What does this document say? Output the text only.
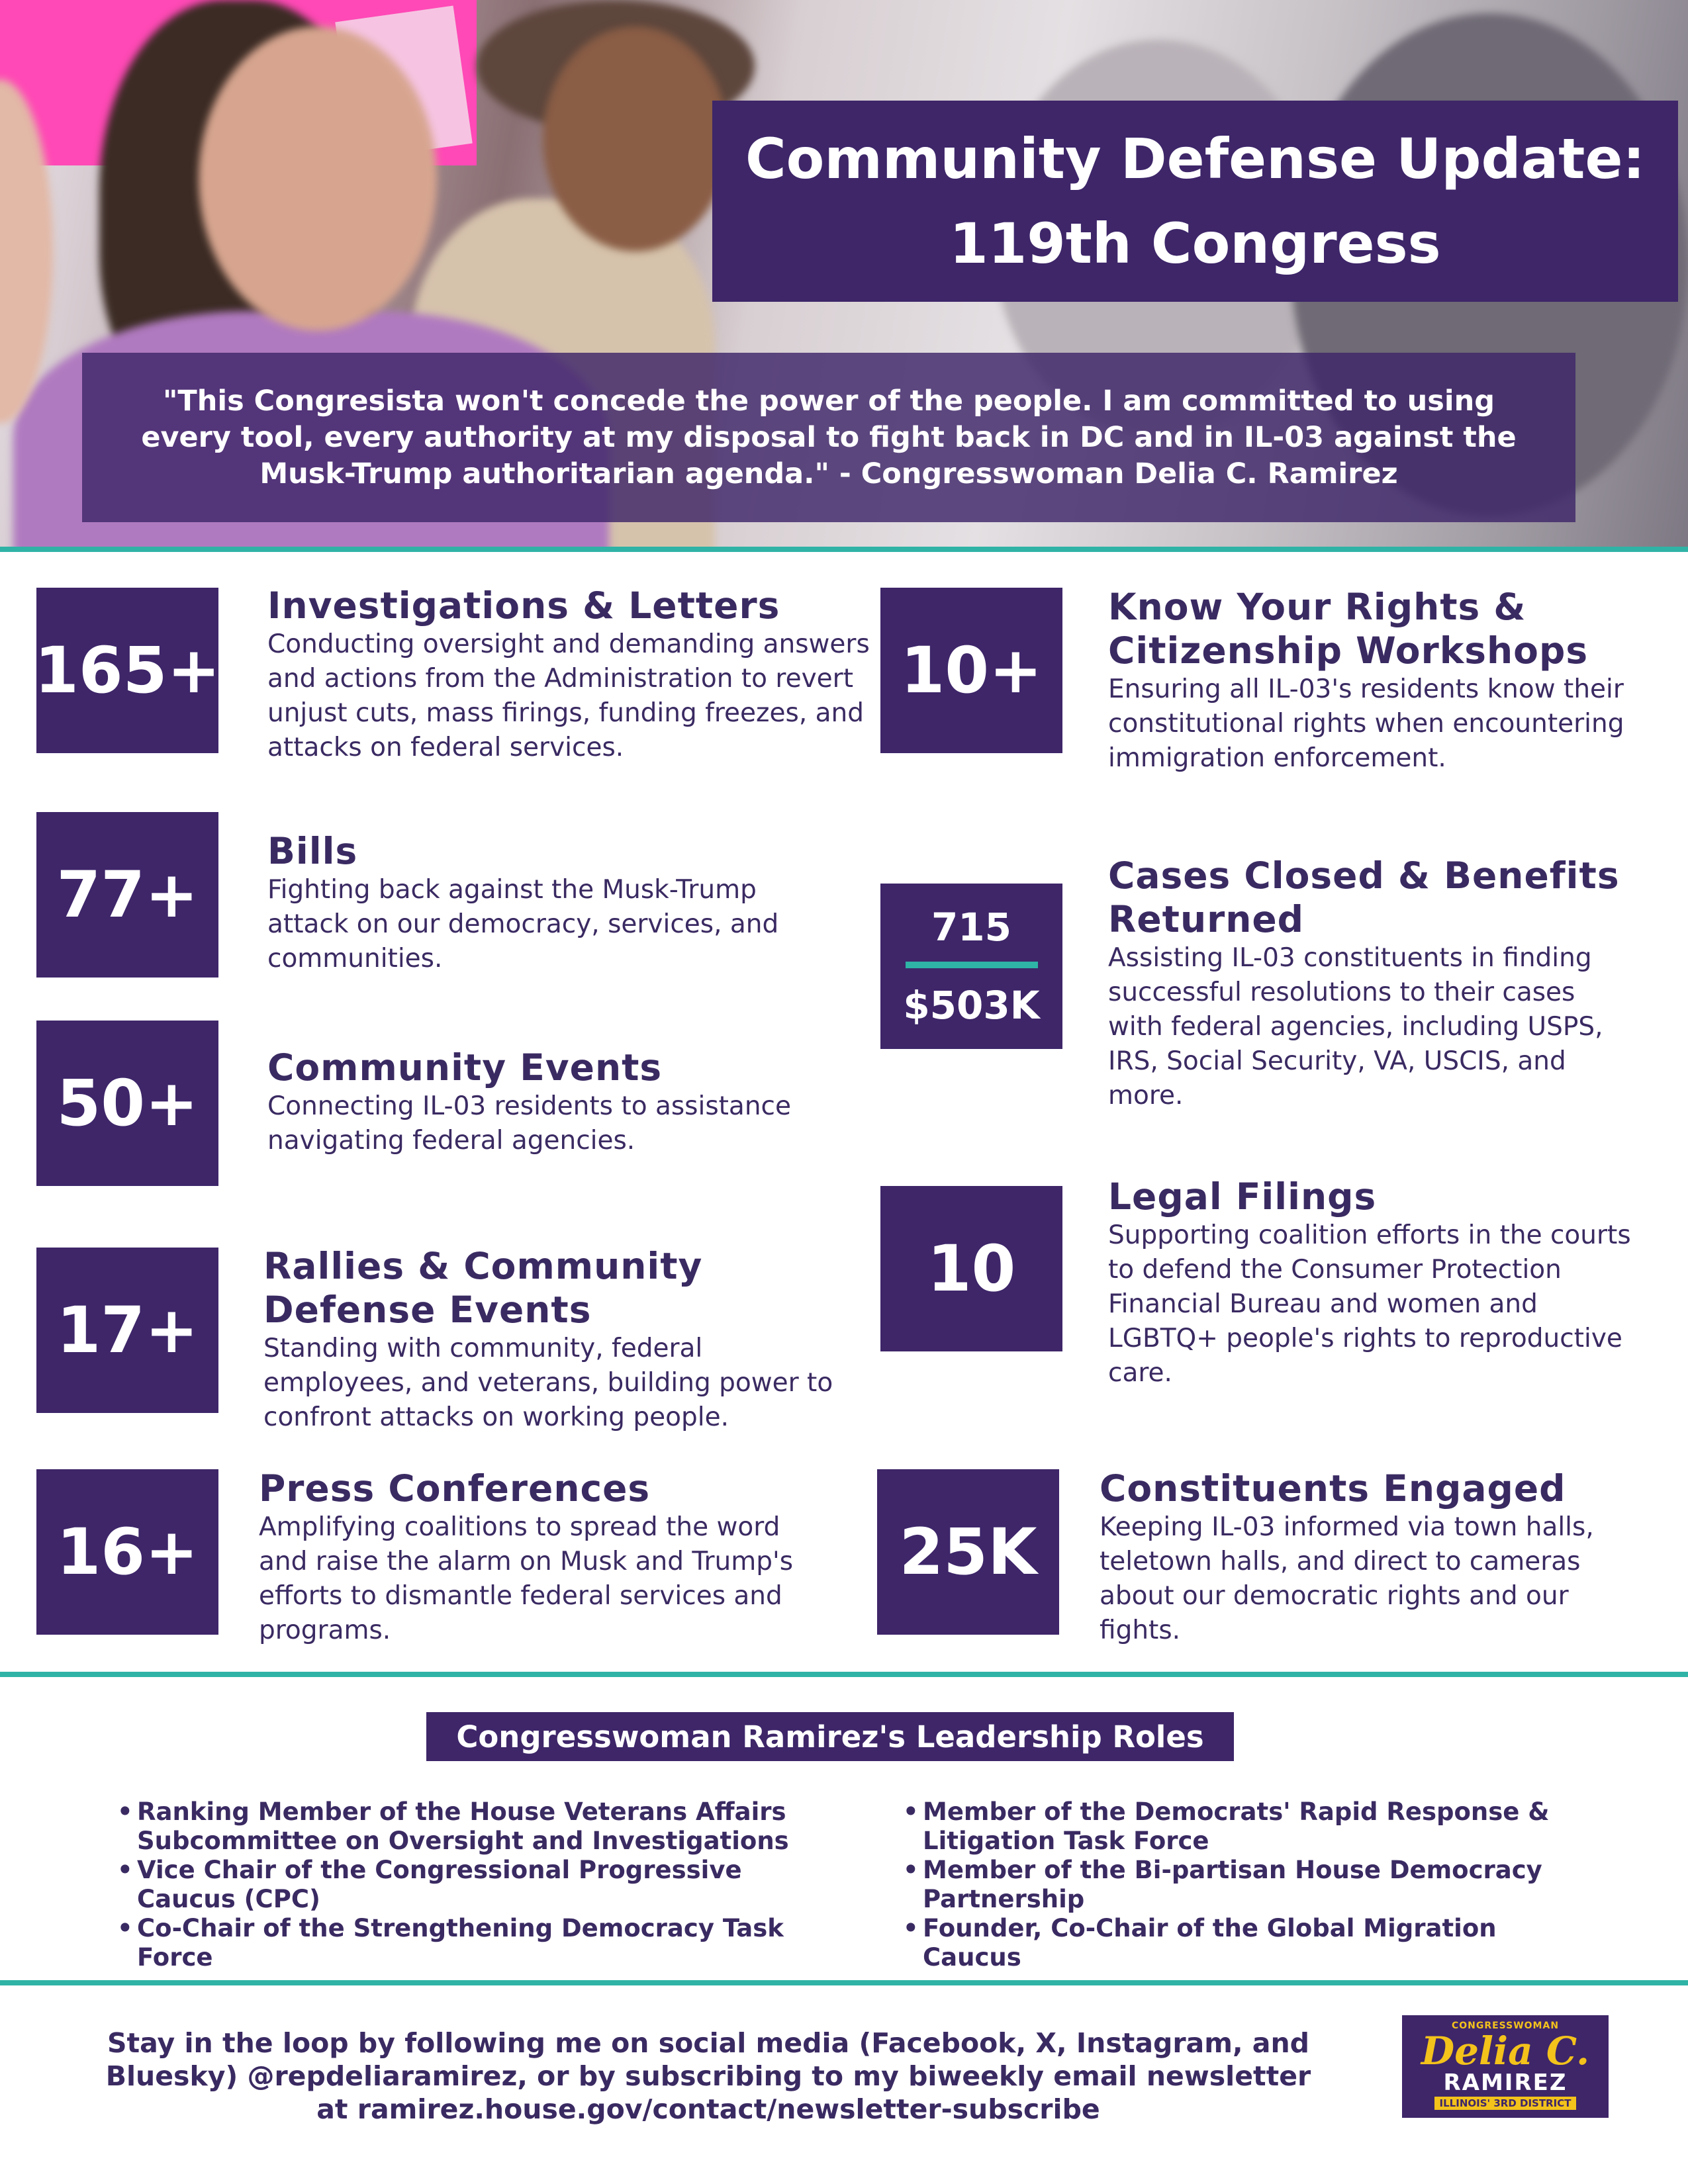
Community Defense Update:
119th Congress
"This Congresista won't concede the power of the people. I am committed to using every tool, every authority at my disposal to fight back in DC and in IL-03 against the Musk-Trump authoritarian agenda." - Congresswoman Delia C. Ramirez
165+
Investigations & Letters
Conducting oversight and demanding answers and actions from the Administration to revert unjust cuts, mass firings, funding freezes, and attacks on federal services.
77+
Bills
Fighting back against the Musk-Trump attack on our democracy, services, and communities.
50+	Community Events
Connecting IL-03 residents to assistance navigating federal agencies.
17+
Rallies & Community
Defense Events
Standing with community, federal employees, and veterans, building power to confront attacks on working people.
16+
Press Conferences
Amplifying coalitions to spread the word and raise the alarm on Musk and Trump's efforts to dismantle federal services and programs.
10+
Know Your Rights &
Citizenship Workshops
Ensuring all IL-03's residents know their constitutional rights when encountering immigration enforcement.
715
$503K
Cases Closed & Benefits
Returned
Assisting IL-03 constituents in finding successful resolutions to their cases with federal agencies, including USPS, IRS, Social Security, VA, USCIS, and more.
10
Legal Filings
Supporting coalition efforts in the courts to defend the Consumer Protection Financial Bureau and women and LGBTQ+ people's rights to reproductive care.
25K
Constituents Engaged
Keeping IL-03 informed via town halls, teletown halls, and direct to cameras about our democratic rights and our fights.
Congresswoman Ramirez's Leadership Roles
• Ranking Member of the House Veterans Affairs Subcommittee on Oversight and Investigations
• Vice Chair of the Congressional Progressive Caucus (CPC)
• Co-Chair of the Strengthening Democracy Task Force
• Member of the Democrats' Rapid Response & Litigation Task Force
• Member of the Bi-partisan House Democracy Partnership
• Founder, Co-Chair of the Global Migration Caucus
Stay in the loop by following me on social media (Facebook, X, Instagram, and Bluesky) @repdeliaramirez, or by subscribing to my biweekly email newsletter at ramirez.house.gov/contact/newsletter-subscribe
CONGRESSWOMAN
Delia C.
RAMIREZ
ILLINOIS' 3RD DISTRICT
